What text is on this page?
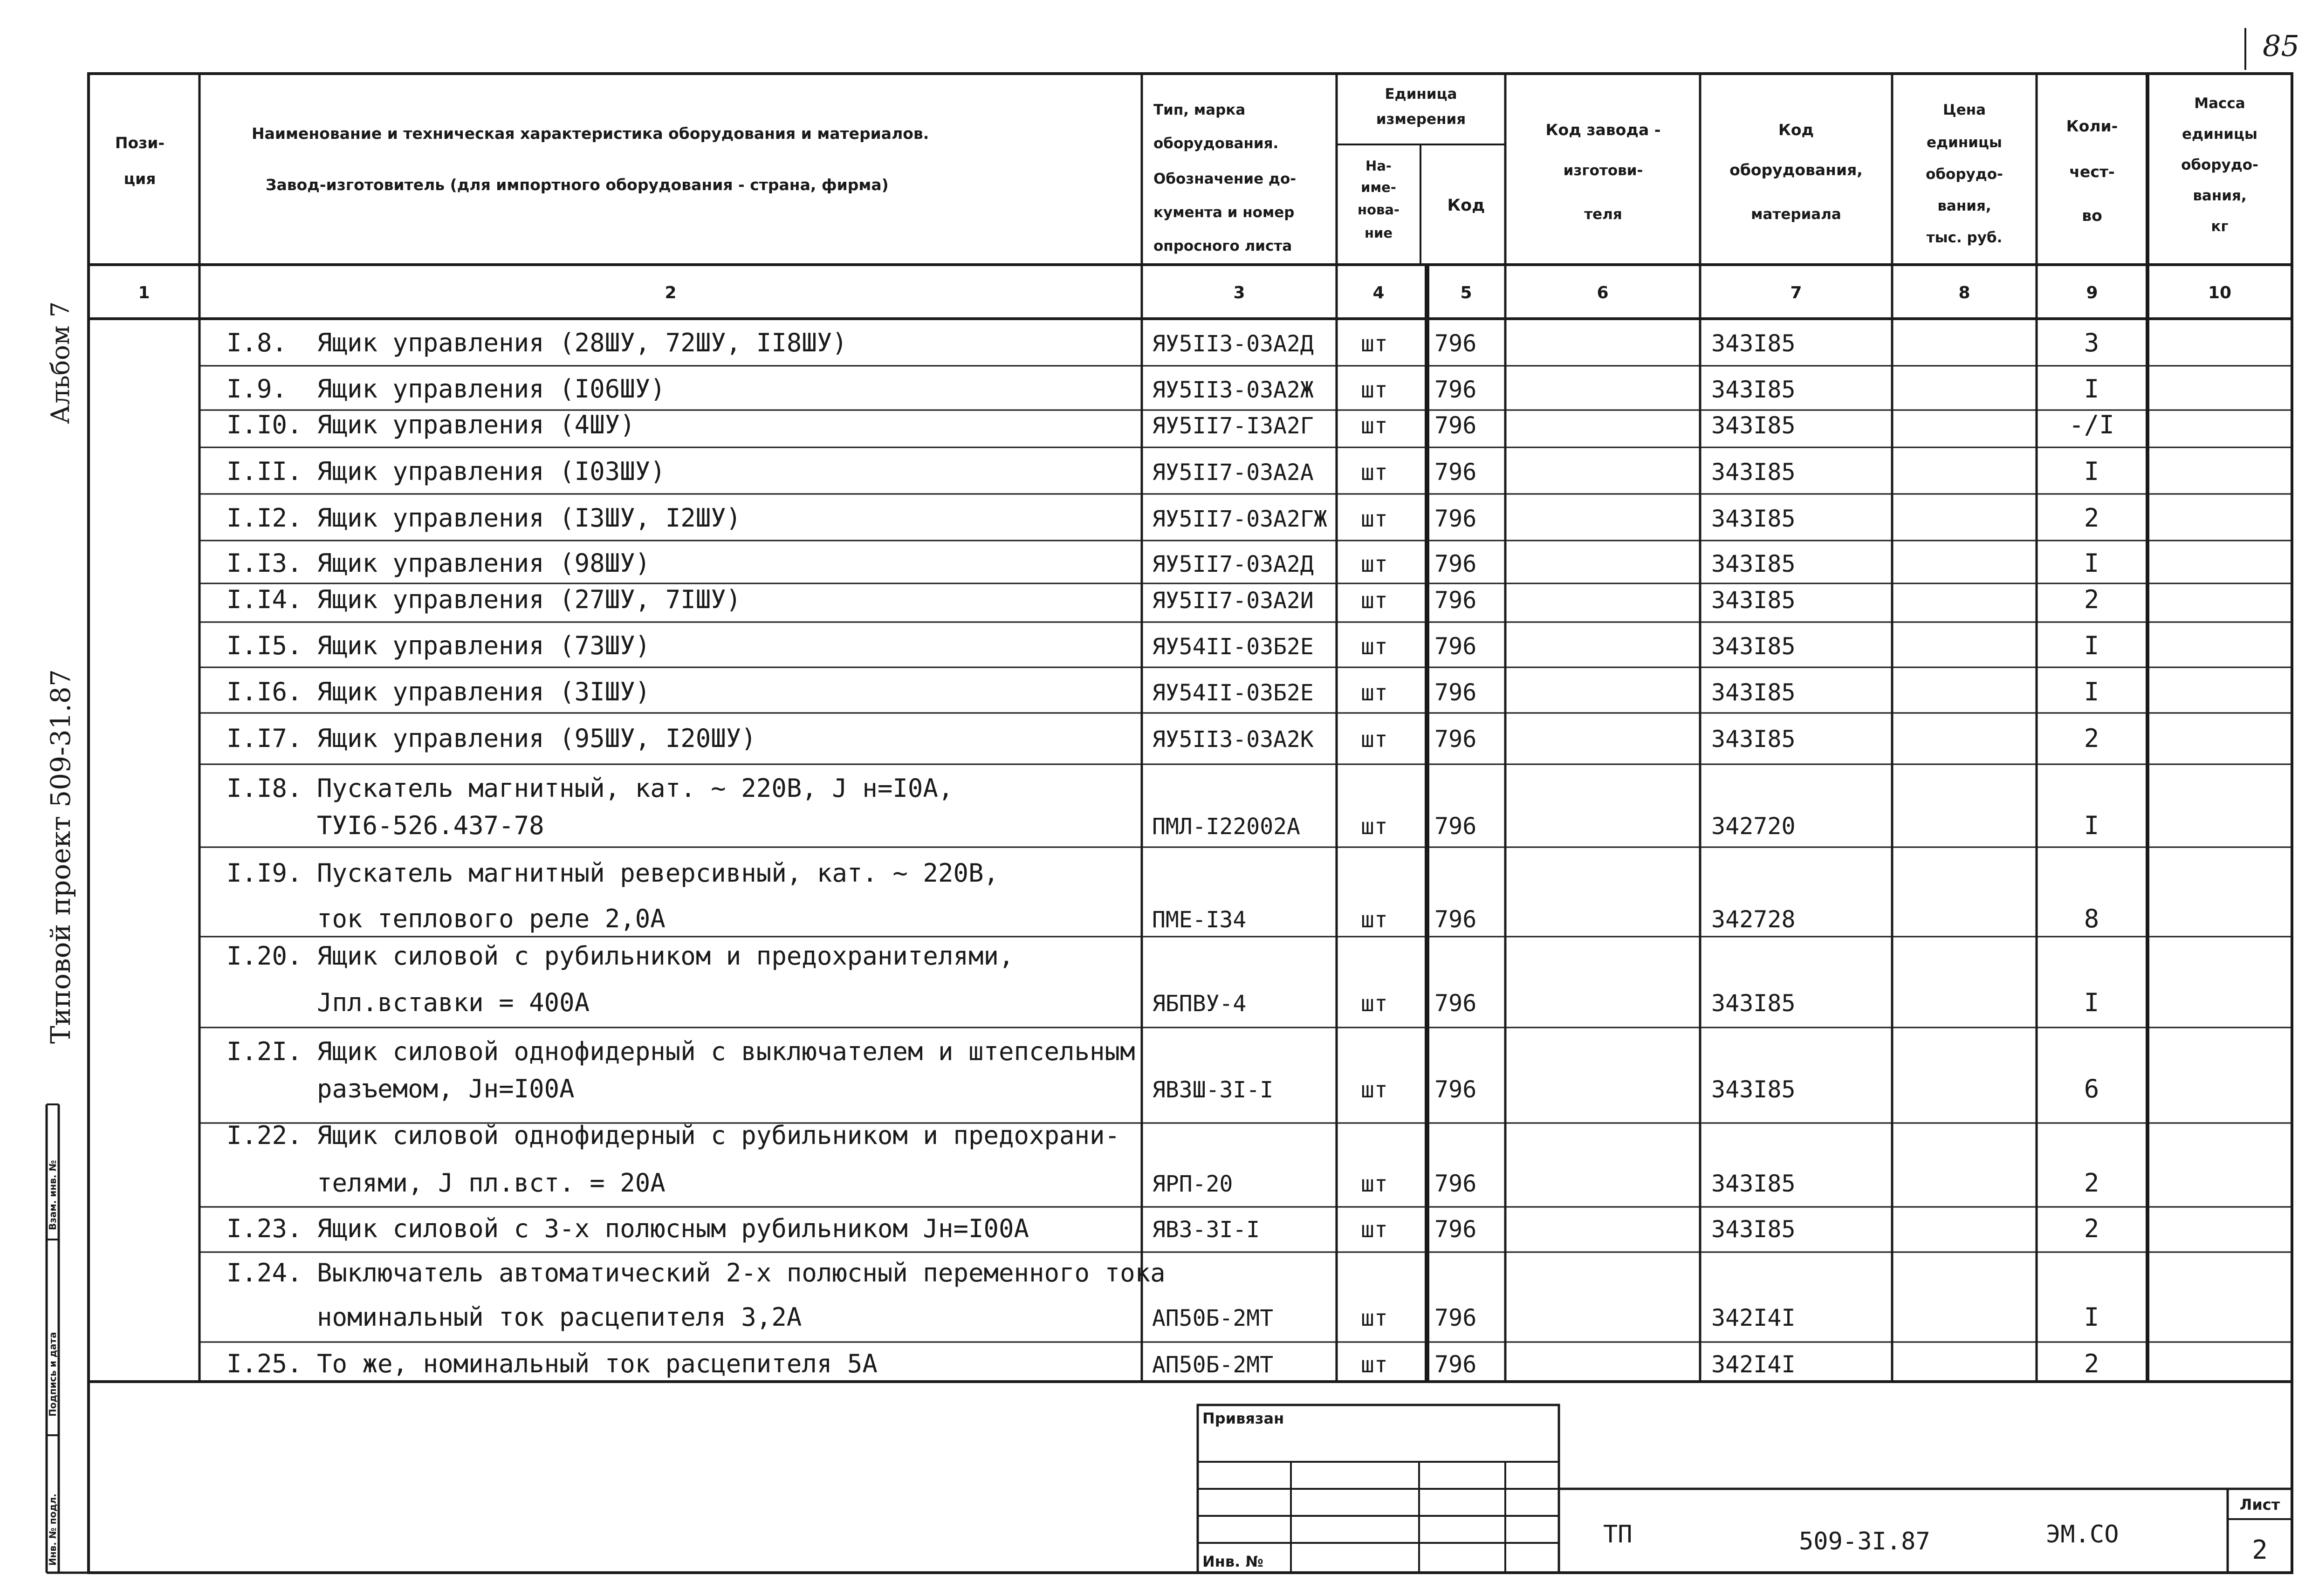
85
Альбом 7
Типовой проект 509-31.87
Взам. инв. №
Подпись и дата
Инв. № подл.
Пози-
ция
Наименование и техническая характеристика оборудования и материалов.
Завод-изготовитель (для импортного оборудования - страна, фирма)
Тип, марка
оборудования.
Обозначение до-
кумента и номер
опросного листа
Единица
измерения
На-
име-
нова-
ние
Код
Код завода -
изготови-
теля
Код
оборудования,
материала
Цена
единицы
оборудо-
вания,
тыс. руб.
Коли-
чест-
во
Масса
единицы
оборудо-
вания,
кг
1	2	3	4	5	6	7	8	9	10
I.8. Ящик управления (28ШУ, 72ШУ, II8ШУ)	ЯУ5II3-03А2Д шт 796	343I85	3
I.9. Ящик управления (I06ШУ)	ЯУ5II3-03А2Ж шт 796	343I85	I
I.I0. Ящик управления (4ШУ)	ЯУ5II7-I3А2Г шт 796	343I85	-/I
I.II. Ящик управления (I03ШУ)	ЯУ5II7-03А2А шт 796	343I85	I
I.I2. Ящик управления (I3ШУ, I2ШУ)	ЯУ5II7-03А2ГЖ шт 796	343I85	2
I.I3. Ящик управления (98ШУ)	ЯУ5II7-03А2Д шт 796	343I85	I
I.I4. Ящик управления (27ШУ, 7IШУ)	ЯУ5II7-03А2И шт 796	343I85	2
I.I5. Ящик управления (73ШУ)	ЯУ54II-03Б2Е шт 796	343I85	I
I.I6. Ящик управления (3IШУ)	ЯУ54II-03Б2Е шт 796	343I85	I
I.I7. Ящик управления (95ШУ, I20ШУ)	ЯУ5II3-03А2К шт 796	343I85	2
I.I8. Пускатель магнитный, кат. ~ 220В, Ј н=I0А,
ТУI6-526.437-78	ПМЛ-I22002А	шт 796	342720	I
I.I9. Пускатель магнитный реверсивный, кат. ~ 220В,
ток теплового реле 2,0А	ПМЕ-I34	шт 796	342728	8
I.20. Ящик силовой с рубильником и предохранителями,
Јпл.вставки = 400А	ЯБПВУ-4	шт 796	343I85	I
I.2I. Ящик силовой однофидерный с выключателем и штепсельным
разъемом, Јн=I00А	ЯВЗШ-3I-I	шт 796	343I85	6
I.22. Ящик силовой однофидерный с рубильником и предохрани-
телями, Ј пл.вст. = 20А	ЯРП-20	шт 796	343I85	2
I.23. Ящик силовой с 3-х полюсным рубильником Јн=I00А	ЯВЗ-3I-I	шт 796	343I85	2
I.24. Выключатель автоматический 2-х полюсный переменного тока
номинальный ток расцепителя 3,2А	АП50Б-2МТ	шт 796	342I4I	I
I.25. То же, номинальный ток расцепителя 5А	АП50Б-2МТ	шт 796	342I4I	2
Привязан
Инв. №
ТП	509-3I.87	ЭМ.СО
Лист
2
